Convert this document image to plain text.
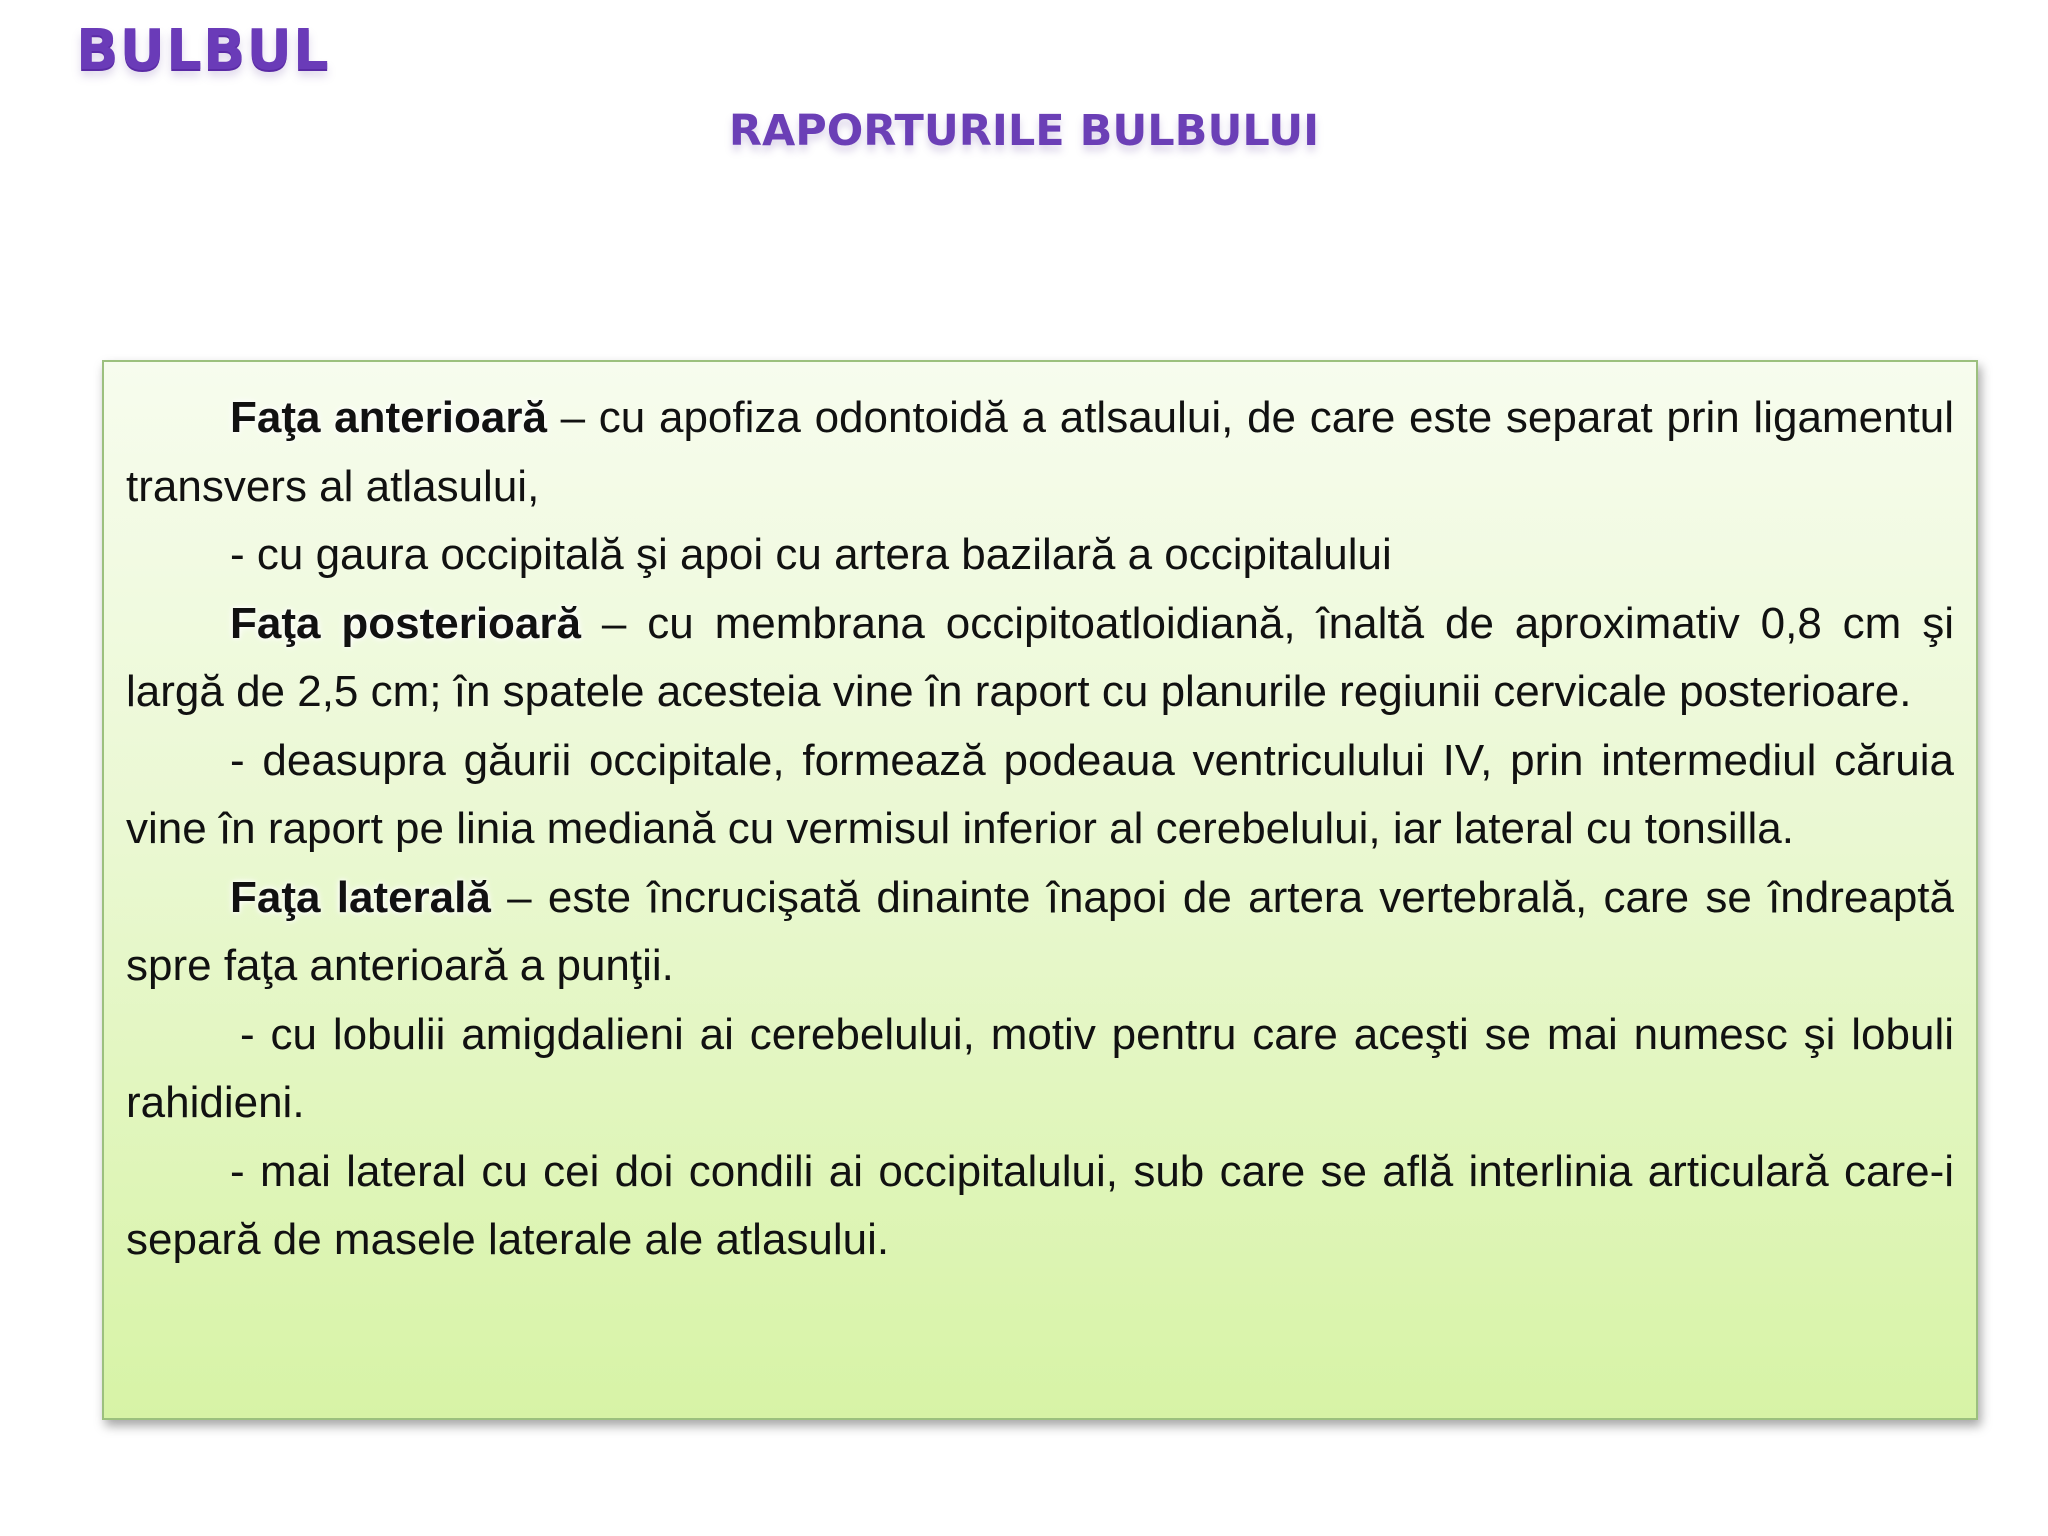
BULBUL
RAPORTURILE BULBULUI

Faţa anterioară – cu apofiza odontoidă a atlsaului, de care este separat prin ligamentul transvers al atlasului,

- cu gaura occipitală şi apoi cu artera bazilară a occipitalului

Faţa posterioară – cu membrana occipitoatloidiană, înaltă de aproximativ 0,8 cm şi largă de 2,5 cm; în spatele acesteia vine în raport cu planurile regiunii cervicale posterioare.

- deasupra găurii occipitale, formează podeaua ventriculului IV, prin intermediul căruia vine în raport pe linia mediană cu vermisul inferior al cerebelului, iar lateral cu tonsilla.

Faţa laterală – este încrucişată dinainte înapoi de artera vertebrală, care se îndreaptă spre faţa anterioară a punţii.

- cu lobulii amigdalieni ai cerebelului, motiv pentru care aceşti se mai numesc şi lobuli rahidieni.

- mai lateral cu cei doi condili ai occipitalului, sub care se află interlinia articulară care-i separă de masele laterale ale atlasului.
